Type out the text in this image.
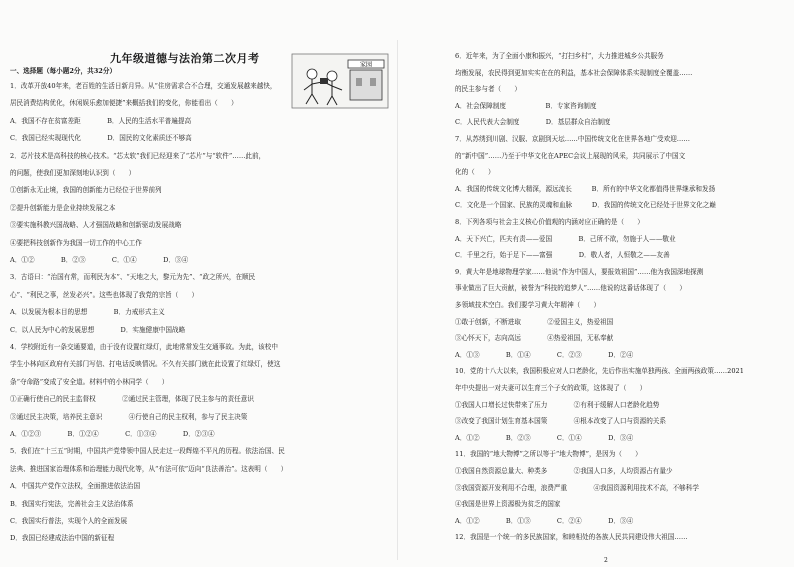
九年级道德与法治第二次月考
一、选择题（每小题2分，共32分）
1．改革开放40年来，老百姓的生活日新月异。从“住房需求合不合理，交通发展越来越快，
居民消费结构优化，休闲娱乐愈加便捷”来概括我们的变化，你能看出（　　）
A．我国不存在贫富差距　　　　B．人民的生活水平普遍提高
C．我国已经实现现代化　　　　D．国民的文化素质还不够高
2．芯片技术是高科技的核心技术。“芯太软”我们已经迎来了“芯片”与“软件”……此前，
的问题，使我们更加深刻地认识到（　　）
①创新永无止境，我国的创新能力已经位于世界前列
②提升创新能力是企业持续发展之本
③要实施科教兴国战略、人才强国战略和创新驱动发展战略
④要把科技创新作为我国一切工作的中心工作
A．①②　　　　B．②③　　　　C．①④　　　　D．③④
3．古语曰：“治国有常，而利民为本”、“天地之大，黎元为先”、“政之所兴，在顺民
心”、“利民之事，丝发必兴”。这些也体现了我党的宗旨（　　）
A．以发展为根本目的思想　　　　B．力戒形式主义
C．以人民为中心的发展思想　　　　D．实施健康中国战略
4．学校附近有一条交通要道，由于没有设置红绿灯，此地常常发生交通事故。为此，该校中
学生小林向区政府有关部门写信、打电话反映情况。不久有关部门就在此设置了红绿灯，使这
条“夺命路”变成了安全道。材料中的小林同学（　　）
①正确行使自己的民主监督权　　　　②通过民主管理，体现了民主参与的责任意识
③通过民主决策，培养民主意识　　　　④行使自己的民主权利，参与了民主决策
A．①②③　　　　B．①②④　　　　C．①③④　　　　D．②③④
5．我们在“十三五”时期，中国共产党带领中国人民走过一段辉煌不平凡的历程。依法治国、民
法典、推进国家治理体系和治理能力现代化等，从“有法可依”迈向“良法善治”。这表明（　　）
A．中国共产党作立法权，全面推进依法治国
B．我国实行宪法，完善社会主义法治体系
C．我国实行普法，实现个人的全面发展
D．我国已经建成法治中国的新征程
6．近年来，为了全面小康和振兴，“打扫乡村”，大力推进城乡公共服务
均衡发展，农民得到更加实实在在的利益，基本社会保障体系实现制度全覆盖……
的民主参与者（　　）
A．社会保障制度　　　　　　B．专家咨询制度
C．人民代表大会制度　　　　D．基层群众自治制度
7．从苏绣到川剧、汉服、京剧到天坛……中国传统文化在世界各地广受欢迎……
的“新中国”……乃至于中华文化在APEC会议上展现的风采，共同展示了中国文
化的（　　）
A．我国的传统文化博大精深，源远流长　　　B．所有的中华文化都值得世界继承和发扬
C．文化是一个国家、民族的灵魂和血脉　　　D．我国的传统文化已经处于世界文化之巅
8．下列各项与社会主义核心价值观的内涵对应正确的是（　　）
A．天下兴亡，匹夫有责——爱国　　　　B．己所不欲，勿施于人——敬业
C．千里之行，始于足下——富强　　　　D．敬人者，人恒敬之——友善
9．黄大年是地球物理学家……他说“作为中国人，要报效祖国”……他为我国深地探测
事业做出了巨大贡献，被誉为“科技的追梦人”……他说的这番话体现了（　　）
多领域技术空白。我们要学习黄大年精神（　　）
①敢于创新，不断进取　　　　②爱国主义，热爱祖国
③心怀天下，志向高远　　　　④热爱祖国，无私奉献
A．①③　　　　B．①④　　　　C．②③　　　　D．②④
10．党的十八大以来，我国积极应对人口老龄化，先后作出实施单独两孩、全面两孩政策……2021
年中央提出一对夫妻可以生育三个子女的政策，这体现了（　　）
①我国人口增长过快带来了压力　　　　②有利于缓解人口老龄化趋势
③改变了我国计划生育基本国策　　　　④根本改变了人口与资源的关系
A．①②　　　　B．②③　　　　C．①④　　　　D．③④
11．我国的“地大物博”之所以等于“地大物博”，是因为（　　）
①我国自然资源总量大、种类多　　　　②我国人口多，人均资源占有量少
③我国资源开发利用不合理，浪费严重　　　　④我国资源利用技术不高，不够科学
④我国是世界上资源极为贫乏的国家
A．①②　　　　B．①③　　　　C．②④　　　　D．③④
12．我国是一个统一的多民族国家，和睦相处的各族人民共同建设伟大祖国……
家园
2
